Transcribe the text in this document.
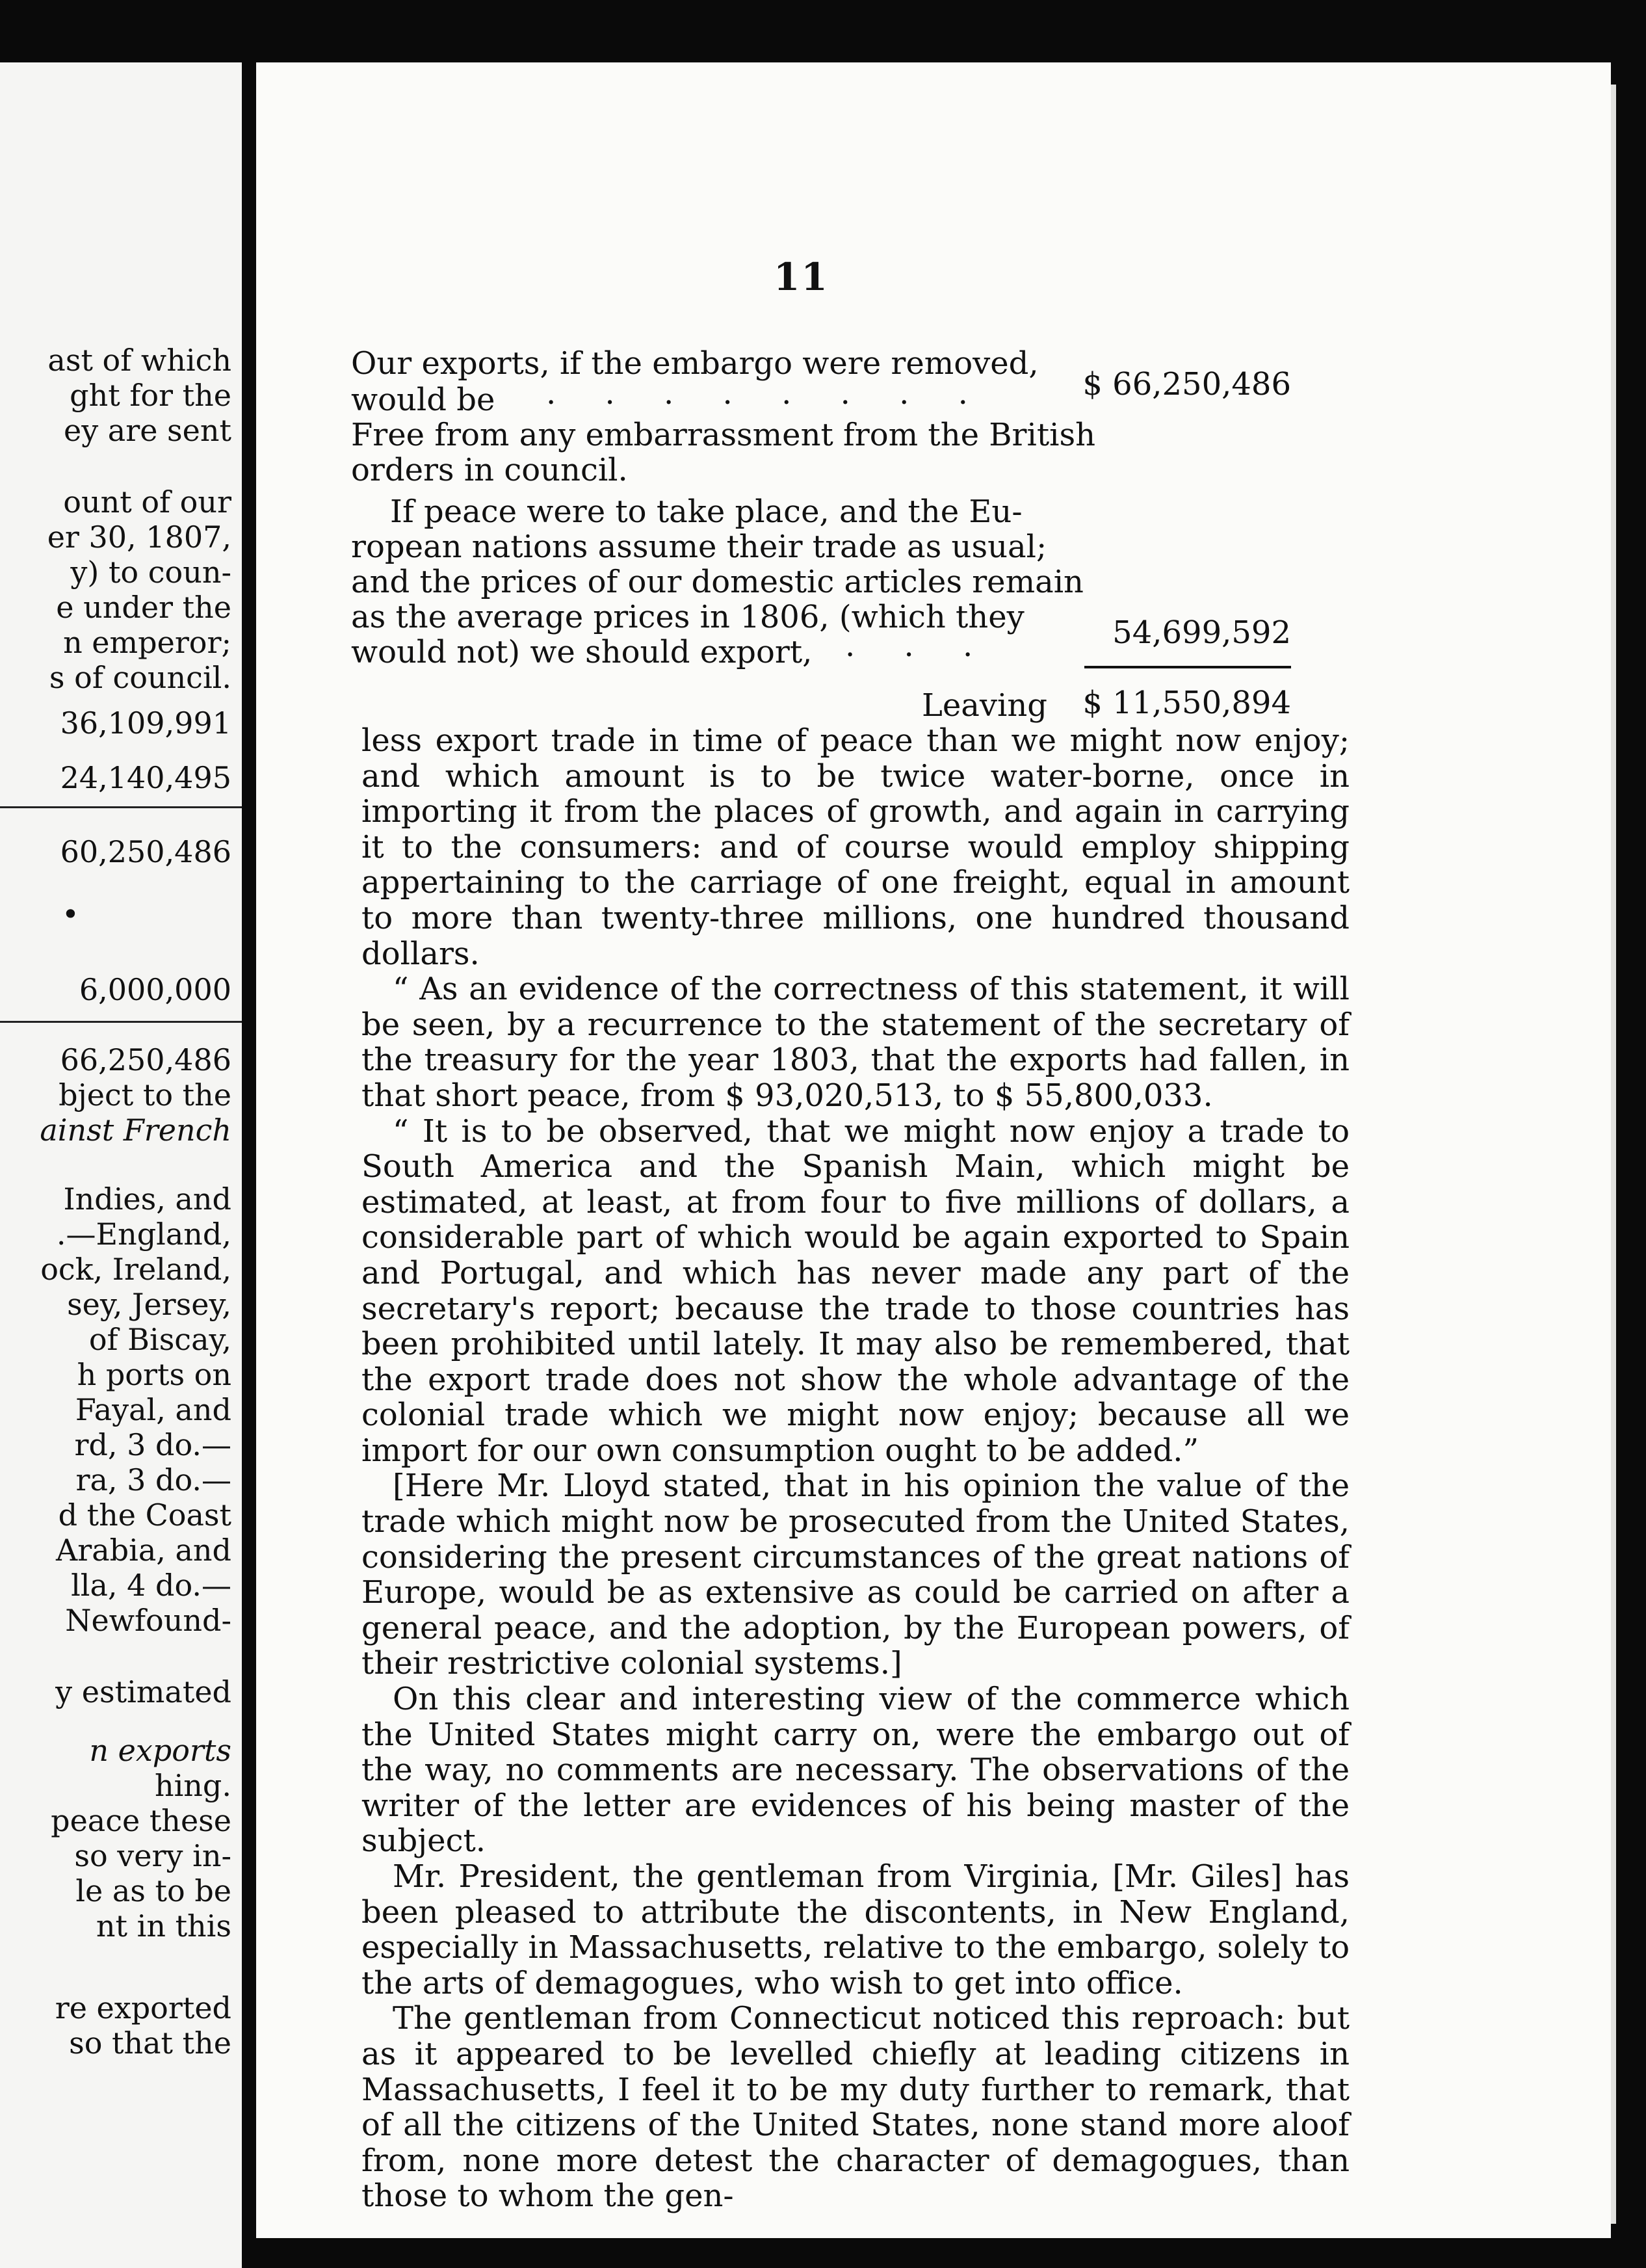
ast of which
ght for the
ey are sent
ount of our
er 30, 1807,
y) to coun-
e under the
n emperor;
s of council.
36,109,991
24,140,495
60,250,486
•
6,000,000
66,250,486
bject to the
ainst French
Indies, and
.—England,
ock, Ireland,
sey, Jersey,
of Biscay,
h ports on
Fayal, and
rd, 3 do.—
ra, 3 do.—
d the Coast
Arabia, and
lla, 4 do.—
Newfound-
y estimated
n exports
hing.
peace these
so very in-
le as to be
nt in this
re exported
so that the
11
Our exports, if the embargo were removed,
would be . . . . . . . .	$ 66,250,486
Free from any embarrassment from the British
orders in council.
If peace were to take place, and the Eu-
ropean nations assume their trade as usual;
and the prices of our domestic articles remain
as the average prices in 1806, (which they
would not) we should export, . . .	54,699,592
Leaving $ 11,550,894

less export trade in time of peace than we might now enjoy; and which amount is to be twice water-borne, once in importing it from the places of growth, and again in carrying it to the consumers: and of course would employ shipping appertaining to the carriage of one freight, equal in amount to more than twenty-three millions, one hundred thousand dollars.

“ As an evidence of the correctness of this statement, it will be seen, by a recurrence to the statement of the secretary of the treasury for the year 1803, that the exports had fallen, in that short peace, from $ 93,020,513, to $ 55,800,033.

“ It is to be observed, that we might now enjoy a trade to South America and the Spanish Main, which might be estimated, at least, at from four to five millions of dollars, a considerable part of which would be again exported to Spain and Portugal, and which has never made any part of the secretary's report; because the trade to those countries has been prohibited until lately. It may also be remembered, that the export trade does not show the whole advantage of the colonial trade which we might now enjoy; because all we import for our own consumption ought to be added.”

[Here Mr. Lloyd stated, that in his opinion the value of the trade which might now be prosecuted from the United States, considering the present circumstances of the great nations of Europe, would be as extensive as could be carried on after a general peace, and the adoption, by the European powers, of their restrictive colonial systems.]

On this clear and interesting view of the commerce which the United States might carry on, were the embargo out of the way, no comments are necessary. The observations of the writer of the letter are evidences of his being master of the subject.

Mr. President, the gentleman from Virginia, [Mr. Giles] has been pleased to attribute the discontents, in New England, especially in Massachusetts, relative to the embargo, solely to the arts of demagogues, who wish to get into office.

The gentleman from Connecticut noticed this reproach: but as it appeared to be levelled chiefly at leading citizens in Massachusetts, I feel it to be my duty further to remark, that of all the citizens of the United States, none stand more aloof from, none more detest the character of demagogues, than those to whom the gen-
